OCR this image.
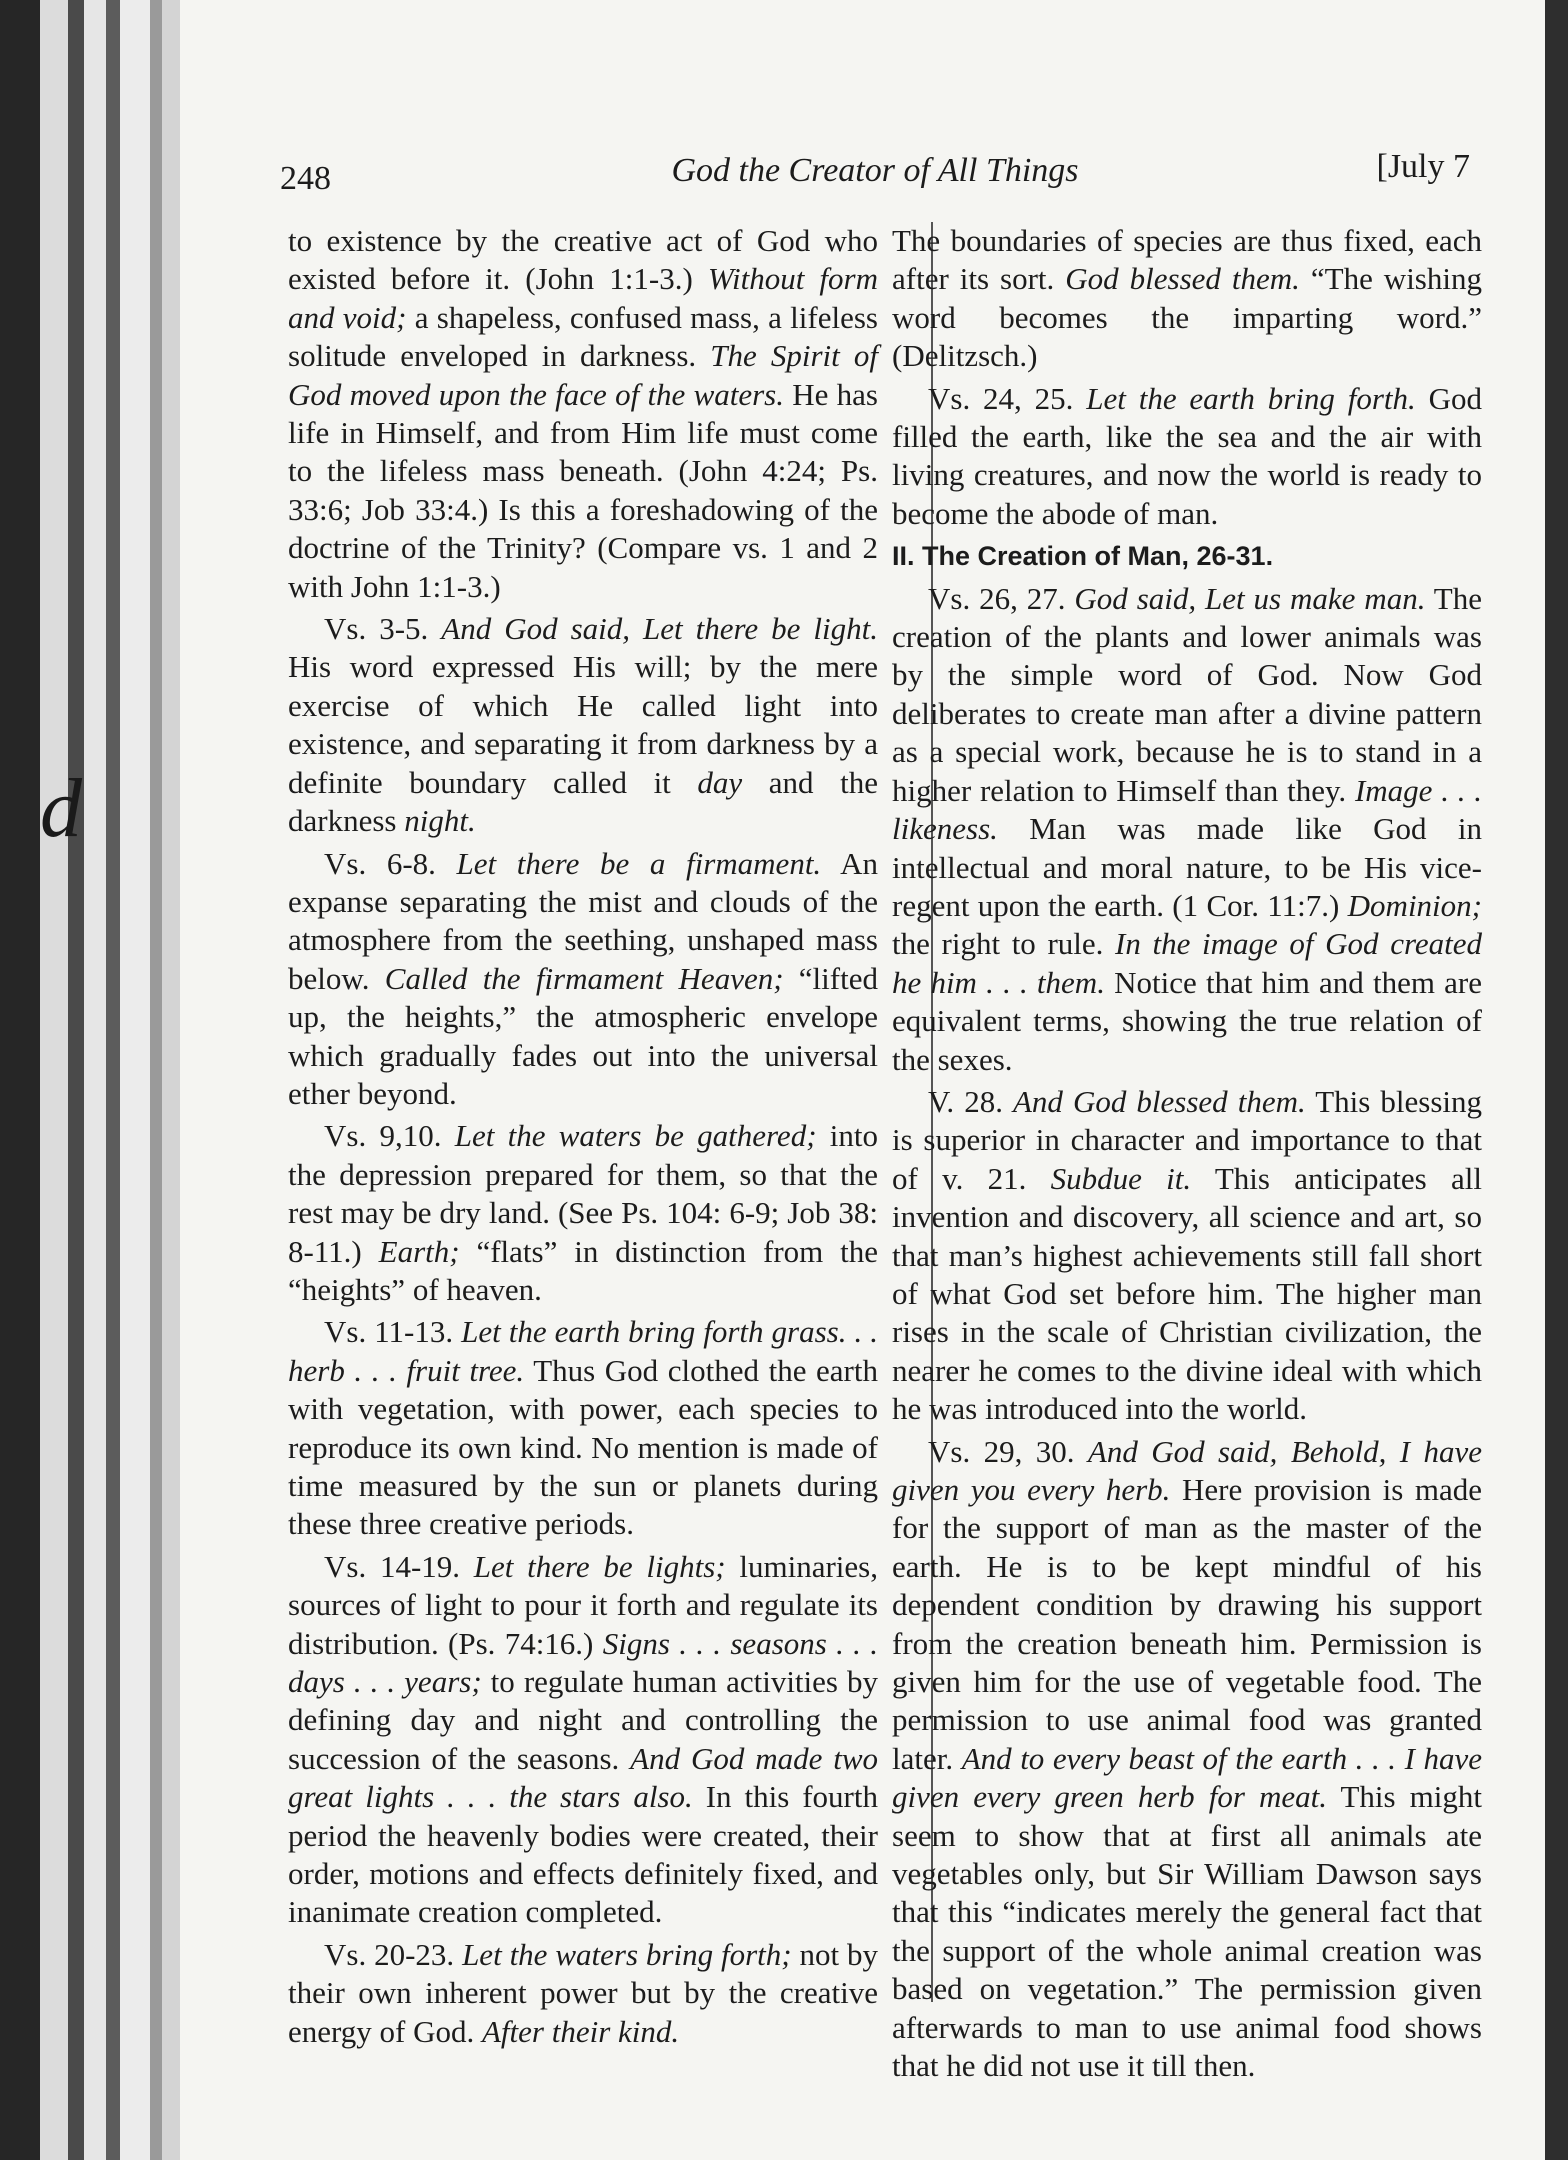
d
248	God the Creator of All Things	[July 7

to existence by the creative act of God who existed before it. (John 1:1-3.) Without form and void; a shapeless, confused mass, a lifeless solitude enveloped in darkness. The Spirit of God moved upon the face of the waters. He has life in Himself, and from Him life must come to the lifeless mass beneath. (John 4:24; Ps. 33:6; Job 33:4.) Is this a foreshadowing of the doctrine of the Trinity? (Compare vs. 1 and 2 with John 1:1-3.)

Vs. 3-5. And God said, Let there be light. His word expressed His will; by the mere exercise of which He called light into existence, and separating it from darkness by a definite boundary called it day and the darkness night.

Vs. 6-8. Let there be a firmament. An expanse separating the mist and clouds of the atmosphere from the seething, unshaped mass below. Called the firmament Heaven; “lifted up, the heights,” the atmospheric envelope which gradually fades out into the universal ether beyond.

Vs. 9,10. Let the waters be gathered; into the depression prepared for them, so that the rest may be dry land. (See Ps. 104: 6-9; Job 38: 8-11.) Earth; “flats” in distinction from the “heights” of heaven.

Vs. 11-13. Let the earth bring forth grass. . . herb . . . fruit tree. Thus God clothed the earth with vegetation, with power, each species to reproduce its own kind. No mention is made of time measured by the sun or planets during these three creative periods.

Vs. 14-19. Let there be lights; luminaries, sources of light to pour it forth and regulate its distribution. (Ps. 74:16.) Signs . . . seasons . . . days . . . years; to regulate human activities by defining day and night and controlling the succession of the seasons. And God made two great lights . . . the stars also. In this fourth period the heavenly bodies were created, their order, motions and effects definitely fixed, and inanimate creation completed.

Vs. 20-23. Let the waters bring forth; not by their own inherent power but by the creative energy of God. After their kind.

The boundaries of species are thus fixed, each after its sort. God blessed them. “The wishing word becomes the imparting word.” (Delitzsch.)

Vs. 24, 25. Let the earth bring forth. God filled the earth, like the sea and the air with living creatures, and now the world is ready to become the abode of man.

II. The Creation of Man, 26-31.

Vs. 26, 27. God said, Let us make man. The creation of the plants and lower animals was by the simple word of God. Now God deliberates to create man after a divine pattern as a special work, because he is to stand in a higher relation to Himself than they. Image . . . likeness. Man was made like God in intellectual and moral nature, to be His vice-regent upon the earth. (1 Cor. 11:7.) Dominion; the right to rule. In the image of God created he him . . . them. Notice that him and them are equivalent terms, showing the true relation of the sexes.

V. 28. And God blessed them. This blessing is superior in character and importance to that of v. 21. Subdue it. This anticipates all invention and discovery, all science and art, so that man’s highest achievements still fall short of what God set before him. The higher man rises in the scale of Christian civilization, the nearer he comes to the divine ideal with which he was introduced into the world.

Vs. 29, 30. And God said, Behold, I have given you every herb. Here provision is made for the support of man as the master of the earth. He is to be kept mindful of his dependent condition by drawing his support from the creation beneath him. Permission is given him for the use of vegetable food. The permission to use animal food was granted later. And to every beast of the earth . . . I have given every green herb for meat. This might seem to show that at first all animals ate vegetables only, but Sir William Dawson says that this “indicates merely the general fact that the support of the whole animal creation was based on vegetation.” The permission given afterwards to man to use animal food shows that he did not use it till then.
